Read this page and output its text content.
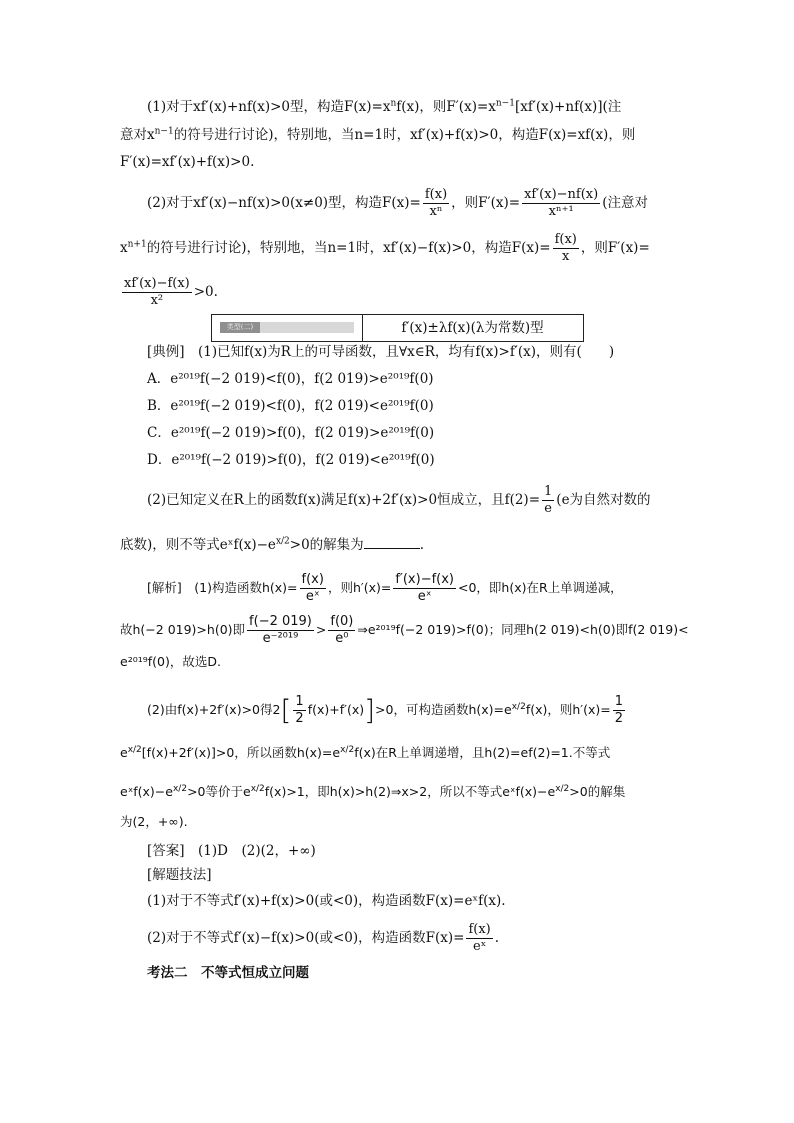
(1)对于xf′(x)+nf(x)>0型，构造$F(x)=x^nf(x)$，则$F'(x)=x^{n-1}[xf'(x)+nf(x)]$(注
意对$x^{n-1}$的符号进行讨论)，特别地，当n=1时，xf′(x)+f(x)>0，构造F(x)=xf(x)，则
F′(x)=xf′(x)+f(x)>0.
(2)对于xf′(x)−nf(x)>0(x≠0)型，构造$F(x)= \frac{f(x)}{\text{xⁿ}}$ ，则$F'(x)= \frac{xf'(x)-nf(x)}{\text{xⁿ⁺¹}}$ (注意对
$x^{n+1}$的符号进行讨论)，特别地，当n=1时，xf′(x)−f(x)>0，构造$F(x)= \frac{f(x)}{x}$ ，则F′(x)=
$\frac{xf'(x)-f(x)}{\text{x²}} >0$.
类型(二)	f′(x)±λf(x)(λ为常数)型
[典例]　(1)已知f(x)为R上的可导函数，且∀x∈R，均有f(x)>f′(x)，则有(　　)
A．e²⁰¹⁹f(−2 019)<f(0)，f(2 019)>e²⁰¹⁹f(0)
B．e²⁰¹⁹f(−2 019)<f(0)，f(2 019)<e²⁰¹⁹f(0)
C．e²⁰¹⁹f(−2 019)>f(0)，f(2 019)>e²⁰¹⁹f(0)
D．e²⁰¹⁹f(−2 019)>f(0)，f(2 019)<e²⁰¹⁹f(0)
(2)已知定义在R上的函数f(x)满足f(x)+2f′(x)>0恒成立，且$f(2)= \frac{1}{e} (e$为自然对数的
底数)，则不等式$eˣf(x)-e^{x/2}>0$的解集为	.
[解析]　(1)构造函数$h(x)= \frac{f(x)}{\text{eˣ}}$ ，则$h'(x)= \frac{f'(x)-f(x)}{\text{eˣ}} <0$，即h(x)在R上单调递减，
故h(−2 019)>h(0)即 $\frac{f(-2 019)}{\text{e⁻²⁰¹⁹}} > \frac{f(0)}{\text{e⁰}}$ ⇒e²⁰¹⁹f(−2 019)>f(0)；同理h(2 019)<h(0)即f(2 019)<
e²⁰¹⁹f(0)，故选D.
(2)由f(x)+2f′(x)>0得$2[ \frac{1}{2} f(x)+f'(x)]>0$，可构造函数$h(x)=e^{x/2}f(x)$，则$h'(x)= \frac{1}{2}$
$e^{x/2}[f(x)+2f'(x)]>0$，所以函数$h(x)=e^{x/2}f(x)$在R上单调递增，且h(2)=ef(2)=1.不等式
$eˣf(x)-e^{x/2}>0$等价于$e^{x/2}f(x)>1$，即h(x)>h(2)⇒x>2，所以不等式$eˣf(x)-e^{x/2}>0$的解集
为(2，+∞).
[答案]　(1)D　(2)(2，+∞)
[解题技法]
(1)对于不等式f′(x)+f(x)>0(或<0)，构造函数F(x)=eˣf(x).
(2)对于不等式f′(x)−f(x)>0(或<0)，构造函数$F(x)= \frac{f(x)}{\text{eˣ}}$ .
考法二　不等式恒成立问题
